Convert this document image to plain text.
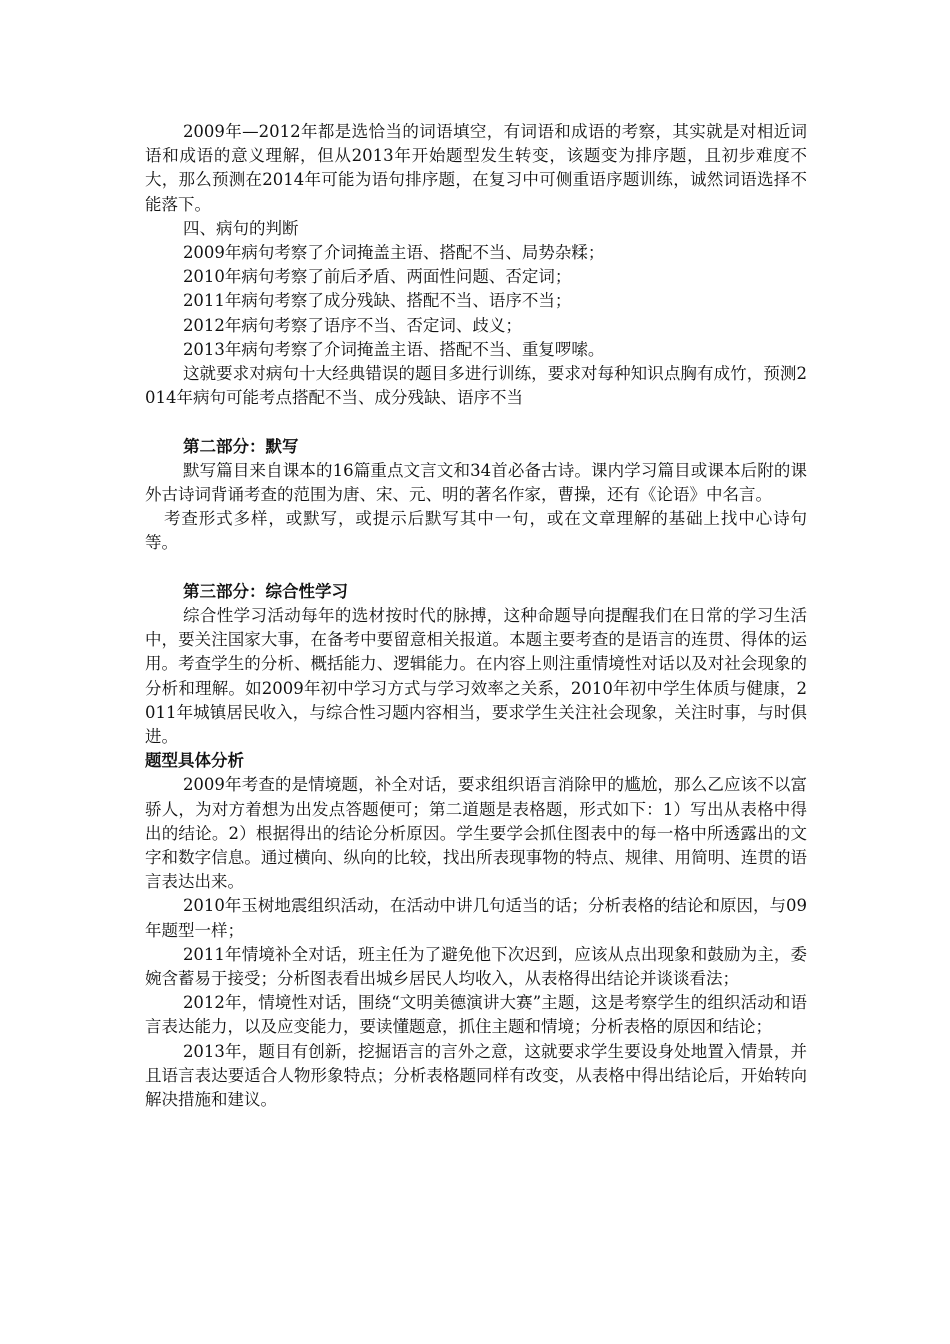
2009年—2012年都是选恰当的词语填空，有词语和成语的考察，其实就是对相近词语和成语的意义理解，但从2013年开始题型发生转变，该题变为排序题，且初步难度不大，那么预测在2014年可能为语句排序题，在复习中可侧重语序题训练，诚然词语选择不能落下。

四、病句的判断

2009年病句考察了介词掩盖主语、搭配不当、局势杂糅；

2010年病句考察了前后矛盾、两面性问题、否定词；

2011年病句考察了成分残缺、搭配不当、语序不当；

2012年病句考察了语序不当、否定词、歧义；

2013年病句考察了介词掩盖主语、搭配不当、重复啰嗦。

这就要求对病句十大经典错误的题目多进行训练，要求对每种知识点胸有成竹，预测2014年病句可能考点搭配不当、成分残缺、语序不当

第二部分：默写

默写篇目来自课本的16篇重点文言文和34首必备古诗。课内学习篇目或课本后附的课外古诗词背诵考查的范围为唐、宋、元、明的著名作家，曹操，还有《论语》中名言。

考查形式多样，或默写，或提示后默写其中一句，或在文章理解的基础上找中心诗句等。

第三部分：综合性学习

综合性学习活动每年的选材按时代的脉搏，这种命题导向提醒我们在日常的学习生活中，要关注国家大事，在备考中要留意相关报道。本题主要考查的是语言的连贯、得体的运用。考查学生的分析、概括能力、逻辑能力。在内容上则注重情境性对话以及对社会现象的分析和理解。如2009年初中学习方式与学习效率之关系，2010年初中学生体质与健康，2011年城镇居民收入，与综合性习题内容相当，要求学生关注社会现象，关注时事，与时俱进。

题型具体分析

2009年考查的是情境题，补全对话，要求组织语言消除甲的尴尬，那么乙应该不以富骄人，为对方着想为出发点答题便可；第二道题是表格题，形式如下：1）写出从表格中得出的结论。2）根据得出的结论分析原因。学生要学会抓住图表中的每一格中所透露出的文字和数字信息。通过横向、纵向的比较，找出所表现事物的特点、规律、用简明、连贯的语言表达出来。

2010年玉树地震组织活动，在活动中讲几句适当的话；分析表格的结论和原因，与09年题型一样；

2011年情境补全对话，班主任为了避免他下次迟到，应该从点出现象和鼓励为主，委婉含蓄易于接受；分析图表看出城乡居民人均收入，从表格得出结论并谈谈看法；

2012年，情境性对话，围绕“文明美德演讲大赛”主题，这是考察学生的组织活动和语言表达能力，以及应变能力，要读懂题意，抓住主题和情境；分析表格的原因和结论；

2013年，题目有创新，挖掘语言的言外之意，这就要求学生要设身处地置入情景，并且语言表达要适合人物形象特点；分析表格题同样有改变，从表格中得出结论后，开始转向解决措施和建议。
